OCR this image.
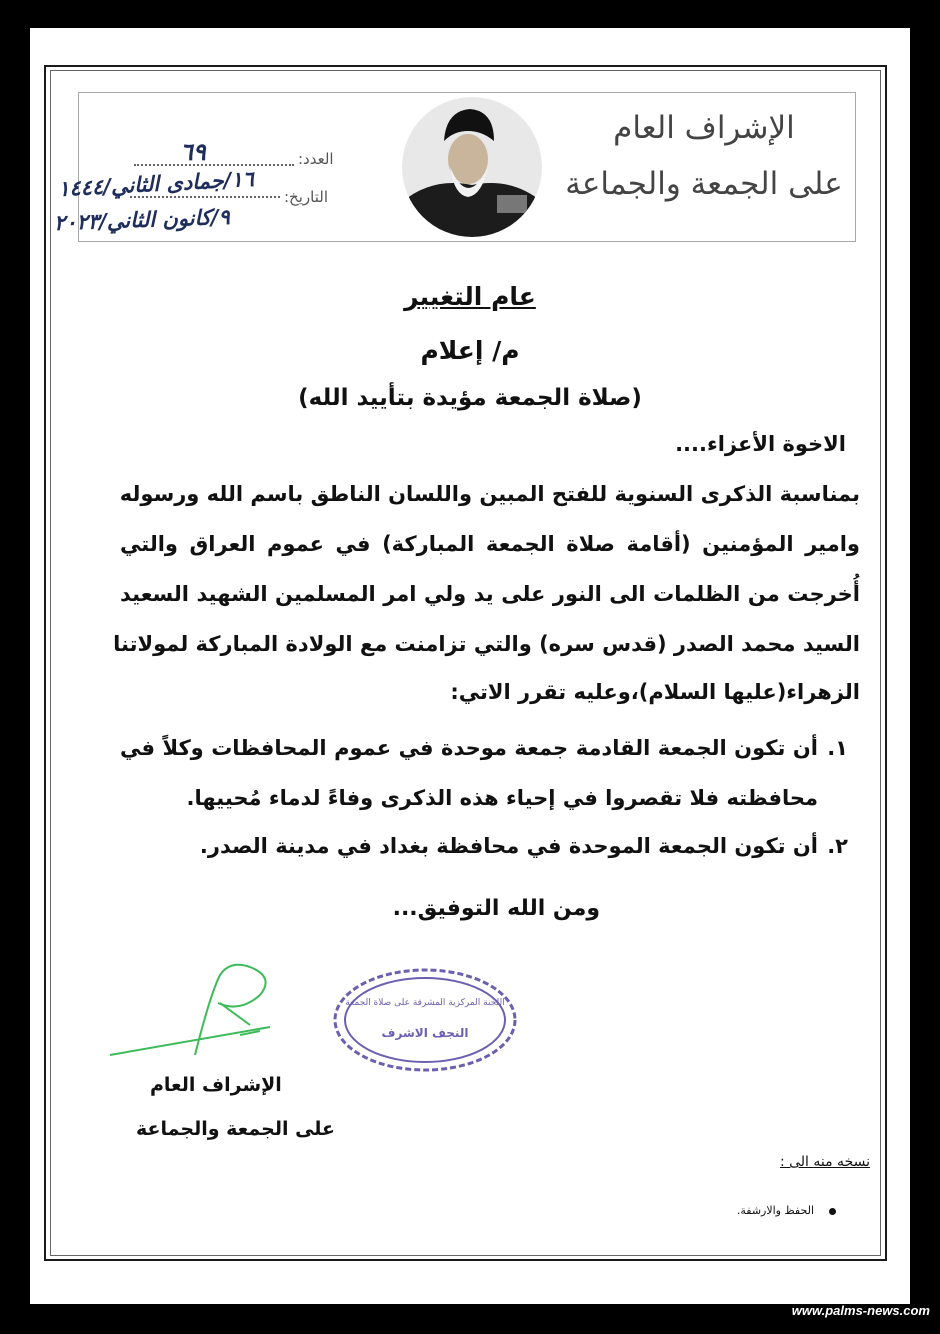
الإشراف العام
على الجمعة والجماعة
العدد:
٦٩
التاريخ:
١٦/جمادى الثاني/١٤٤٤
٩/كانون الثاني/٢٠٢٣
عام التغيير
م/ إعلام
(صلاة الجمعة مؤيدة بتأييد الله)
الاخوة الأعزاء....
بمناسبة الذكرى السنوية للفتح المبين واللسان الناطق باسم الله ورسوله
وامير المؤمنين (أقامة صلاة الجمعة المباركة) في عموم العراق والتي
أُخرجت من الظلمات الى النور على يد ولي امر المسلمين الشهيد السعيد
السيد محمد الصدر (قدس سره) والتي تزامنت مع الولادة المباركة لمولاتنا
الزهراء(عليها السلام)،وعليه تقرر الاتي:
١.
أن تكون الجمعة القادمة جمعة موحدة في عموم المحافظات وكلاً في
محافظته فلا تقصروا في إحياء هذه الذكرى وفاءً لدماء مُحييها.
٢.
أن تكون الجمعة الموحدة في محافظة بغداد في مدينة الصدر.
ومن الله التوفيق...
الإشراف العام
على الجمعة والجماعة
اللجنة المركزية المشرفة على صلاة الجمعة
النجف الاشرف
نسخه منه الى :
الحفظ والارشفة.
www.palms-news.com
